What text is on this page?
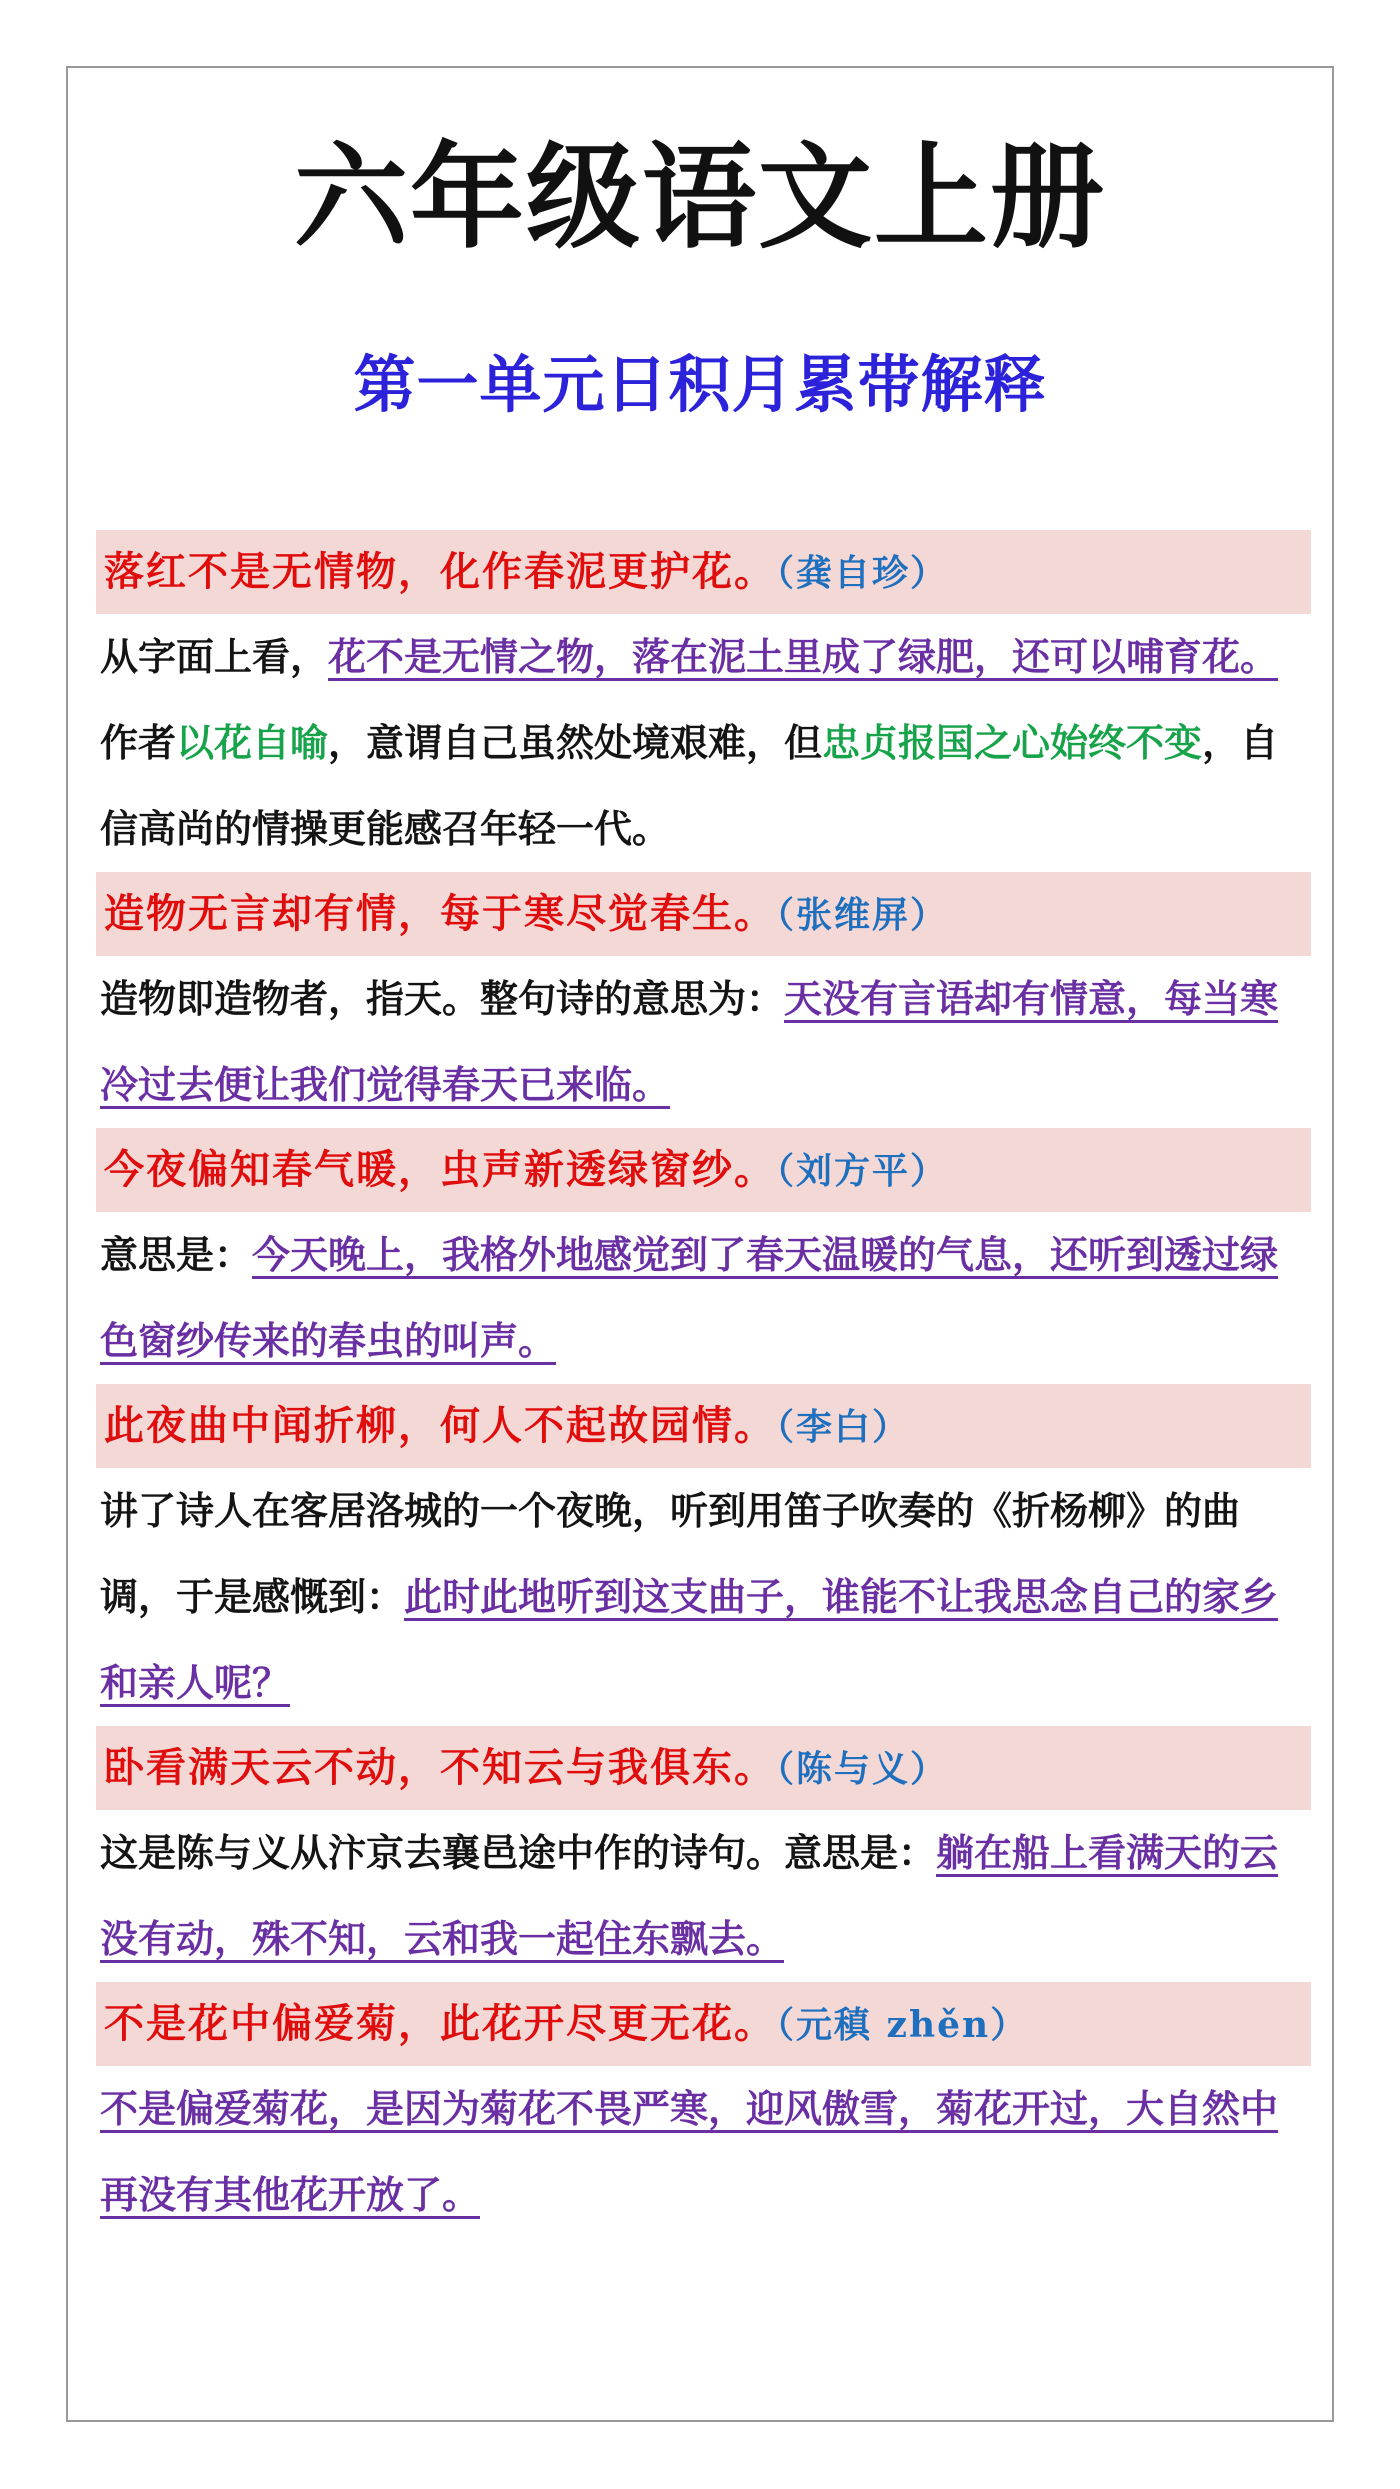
六年级语文上册
第一单元日积月累带解释
落红不是无情物，化作春泥更护花。（龚自珍）
从字面上看，花不是无情之物，落在泥土里成了绿肥，还可以哺育花。作者以花自喻，意谓自己虽然处境艰难，但忠贞报国之心始终不变，自信高尚的情操更能感召年轻一代。
造物无言却有情，每于寒尽觉春生。（张维屏）
造物即造物者，指天。整句诗的意思为：天没有言语却有情意，每当寒冷过去便让我们觉得春天已来临。
今夜偏知春气暖，虫声新透绿窗纱。（刘方平）
意思是：今天晚上，我格外地感觉到了春天温暖的气息，还听到透过绿色窗纱传来的春虫的叫声。
此夜曲中闻折柳，何人不起故园情。（李白）
讲了诗人在客居洛城的一个夜晚，听到用笛子吹奏的《折杨柳》的曲调，于是感慨到：此时此地听到这支曲子，谁能不让我思念自己的家乡和亲人呢？
卧看满天云不动，不知云与我俱东。（陈与义）
这是陈与义从汴京去襄邑途中作的诗句。意思是：躺在船上看满天的云没有动，殊不知，云和我一起住东飘去。
不是花中偏爱菊，此花开尽更无花。（元稹 zhěn）
不是偏爱菊花，是因为菊花不畏严寒，迎风傲雪，菊花开过，大自然中再没有其他花开放了。
